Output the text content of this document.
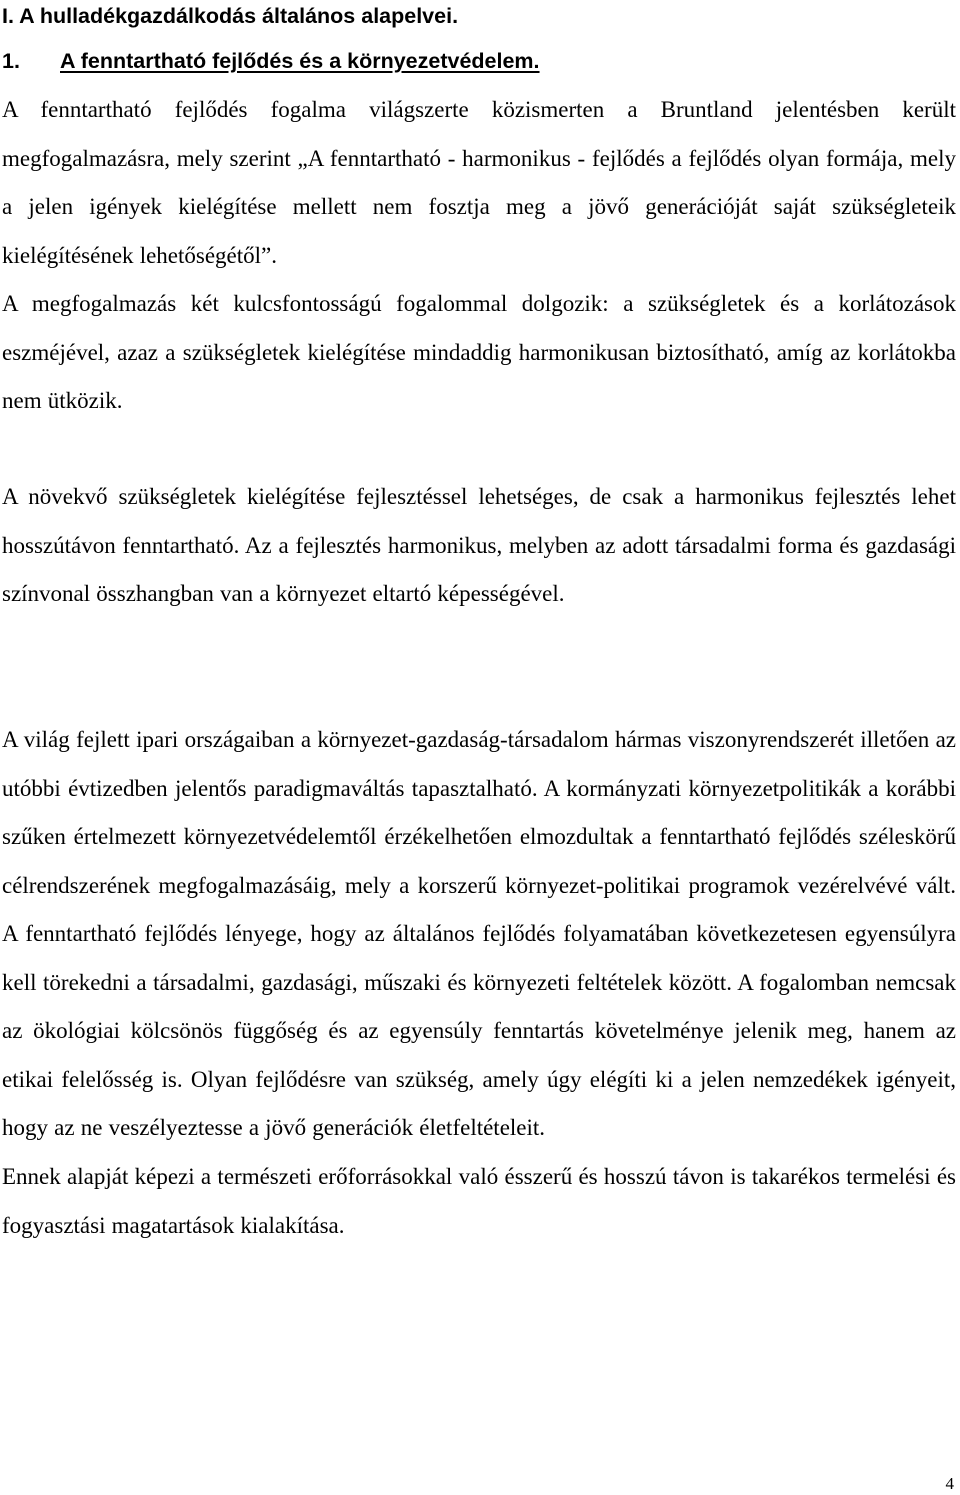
I. A hulladékgazdálkodás általános alapelvei.
1. A fenntartható fejlődés és a környezetvédelem.

A fenntartható fejlődés fogalma világszerte közismerten a Bruntland jelentésben került megfogalmazásra, mely szerint „A fenntartható - harmonikus - fejlődés a fejlődés olyan formája, mely a jelen igények kielégítése mellett nem fosztja meg a jövő generációját saját szükségleteik kielégítésének lehetőségétől”.

A megfogalmazás két kulcsfontosságú fogalommal dolgozik: a szükségletek és a korlátozások eszméjével, azaz a szükségletek kielégítése mindaddig harmonikusan biztosítható, amíg az korlátokba nem ütközik.

A növekvő szükségletek kielégítése fejlesztéssel lehetséges, de csak a harmonikus fejlesztés lehet hosszútávon fenntartható. Az a fejlesztés harmonikus, melyben az adott társadalmi forma és gazdasági színvonal összhangban van a környezet eltartó képességével.

A világ fejlett ipari országaiban a környezet-gazdaság-társadalom hármas viszonyrendszerét illetően az utóbbi évtizedben jelentős paradigmaváltás tapasztalható. A kormányzati környezetpolitikák a korábbi szűken értelmezett környezetvédelemtől érzékelhetően elmozdultak a fenntartható fejlődés széleskörű célrendszerének megfogalmazásáig, mely a korszerű környezet-politikai programok vezérelvévé vált. A fenntartható fejlődés lényege, hogy az általános fejlődés folyamatában következetesen egyensúlyra kell törekedni a társadalmi, gazdasági, műszaki és környezeti feltételek között. A fogalomban nemcsak az ökológiai kölcsönös függőség és az egyensúly fenntartás követelménye jelenik meg, hanem az etikai felelősség is. Olyan fejlődésre van szükség, amely úgy elégíti ki a jelen nemzedékek igényeit, hogy az ne veszélyeztesse a jövő generációk életfeltételeit.

Ennek alapját képezi a természeti erőforrásokkal való ésszerű és hosszú távon is takarékos termelési és fogyasztási magatartások kialakítása.

4
